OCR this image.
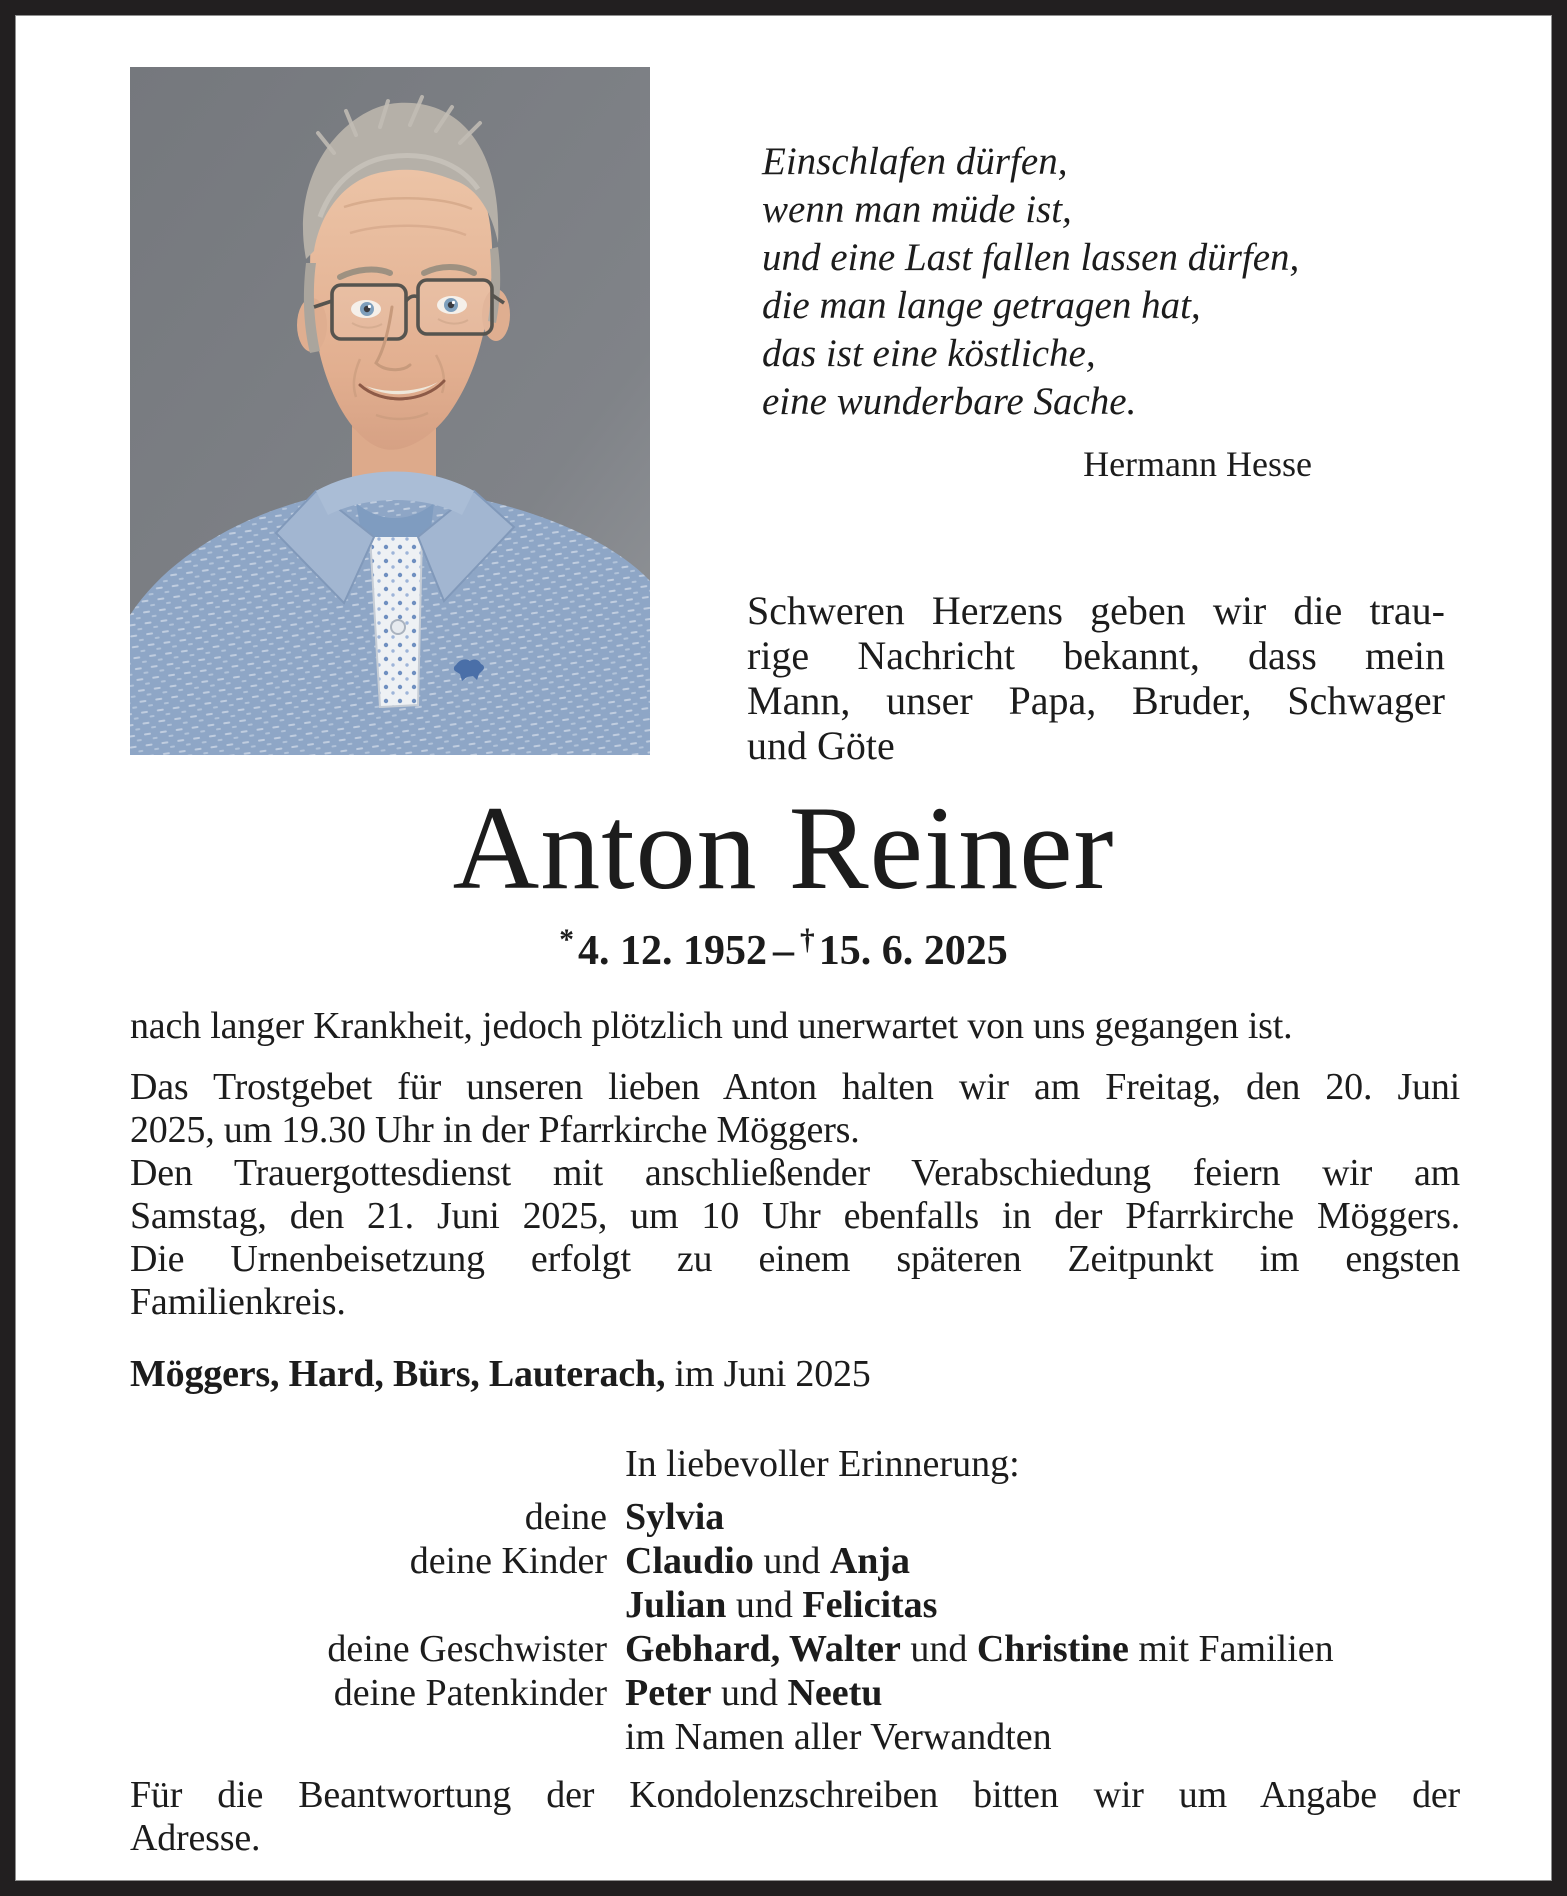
Einschlafen dürfen,
wenn man müde ist,
und eine Last fallen lassen dürfen,
die man lange getragen hat,
das ist eine köstliche,
eine wunderbare Sache.
Hermann Hesse
Schweren Herzens geben wir die trau-
rige Nachricht bekannt, dass mein
Mann, unser Papa, Bruder, Schwager
und Göte
Anton Reiner
*4. 12. 1952 – †15. 6. 2025
nach langer Krankheit, jedoch plötzlich und unerwartet von uns gegangen ist.
Das Trostgebet für unseren lieben Anton halten wir am Freitag, den 20. Juni
2025, um 19.30 Uhr in der Pfarrkirche Möggers.
Den Trauergottesdienst mit anschließender Verabschiedung feiern wir am
Samstag, den 21. Juni 2025, um 10 Uhr ebenfalls in der Pfarrkirche Möggers.
Die Urnenbeisetzung erfolgt zu einem späteren Zeitpunkt im engsten
Familienkreis.
Möggers, Hard, Bürs, Lauterach, im Juni 2025
In liebevoller Erinnerung:
deine Sylvia
deine Kinder Claudio und Anja
Julian und Felicitas
deine Geschwister Gebhard, Walter und Christine mit Familien
deine Patenkinder Peter und Neetu
im Namen aller Verwandten
Für die Beantwortung der Kondolenzschreiben bitten wir um Angabe der
Adresse.
